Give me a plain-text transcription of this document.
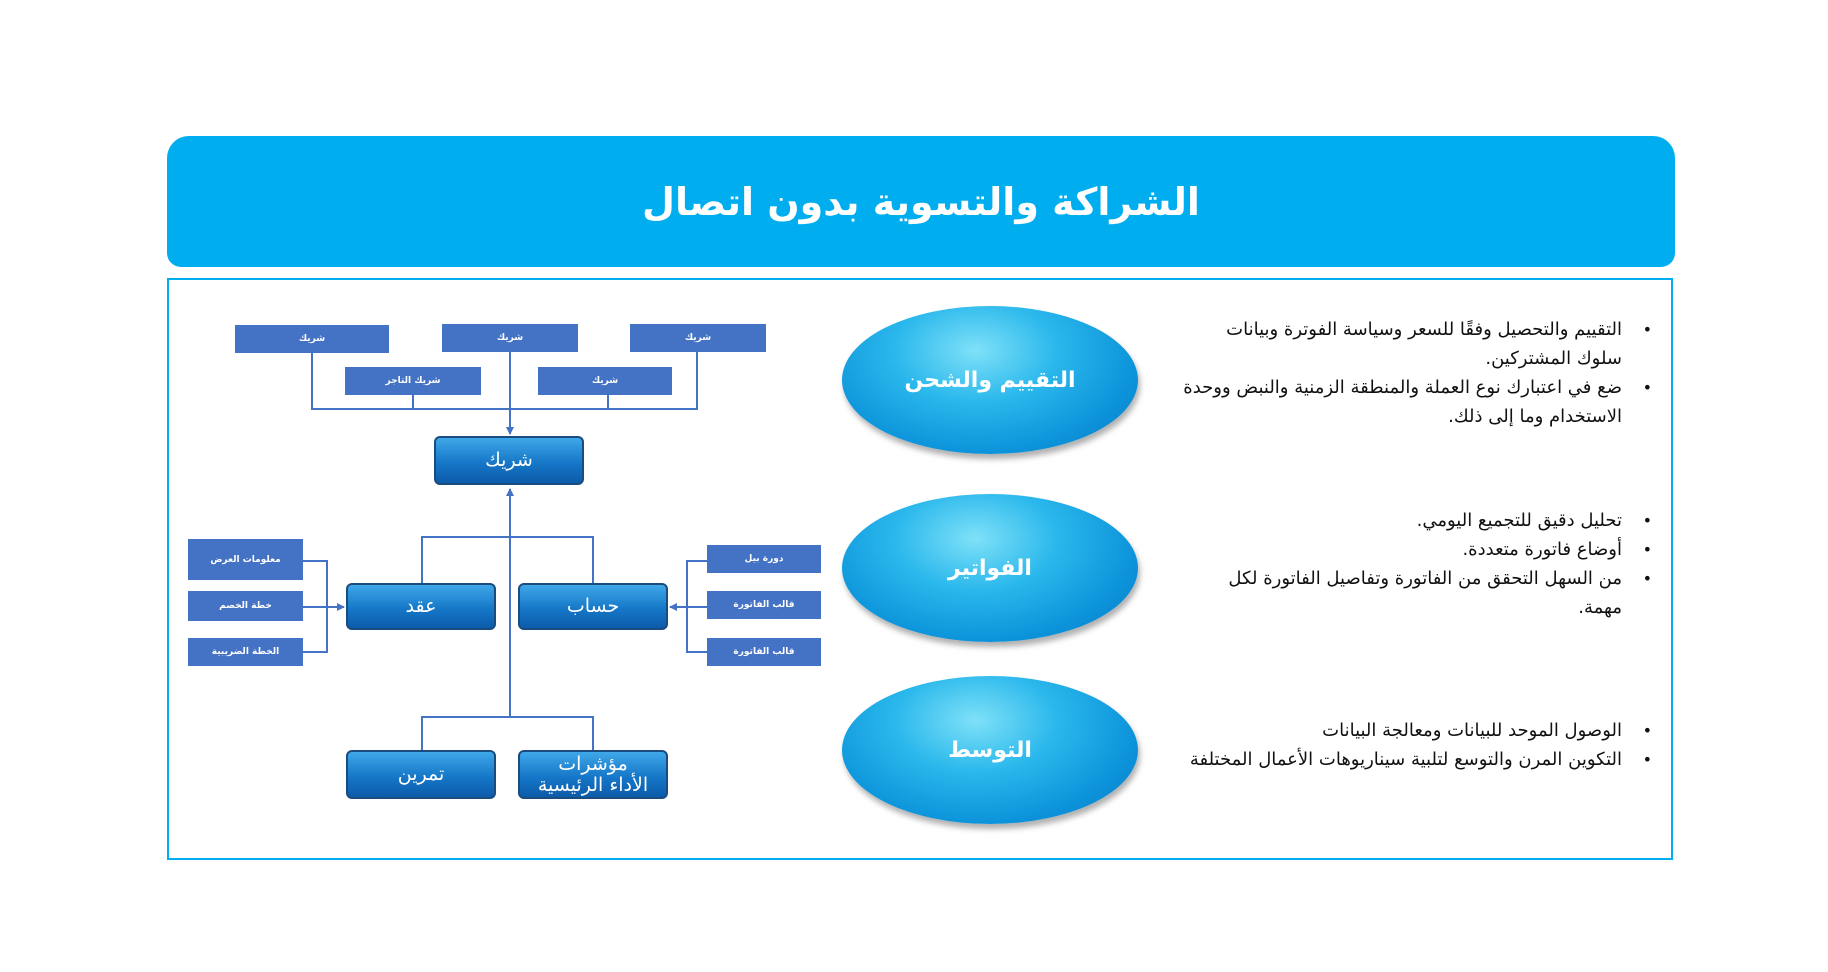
الشراكة والتسوية بدون اتصال
شريك	شريك	شريك
شريك التاجر	شريك
شريك
عقد	حساب
معلومات العرض
خطة الخصم
الخطة الضريبية
دورة بيل
قالب الفاتورة
قالب الفاتورة
تمرين	مؤشرات
الأداء الرئيسية
التقييم والشحن
الفواتير
التوسط
•
التقييم والتحصيل وفقًا للسعر وسياسة الفوترة وبيانات سلوك المشتركين.
•
ضع في اعتبارك نوع العملة والمنطقة الزمنية والنبض ووحدة الاستخدام وما إلى ذلك.
•
تحليل دقيق للتجميع اليومي.
•
أوضاع فاتورة متعددة.
•
من السهل التحقق من الفاتورة وتفاصيل الفاتورة لكل مهمة.
•
الوصول الموحد للبيانات ومعالجة البيانات
•
التكوين المرن والتوسع لتلبية سيناريوهات الأعمال المختلفة
